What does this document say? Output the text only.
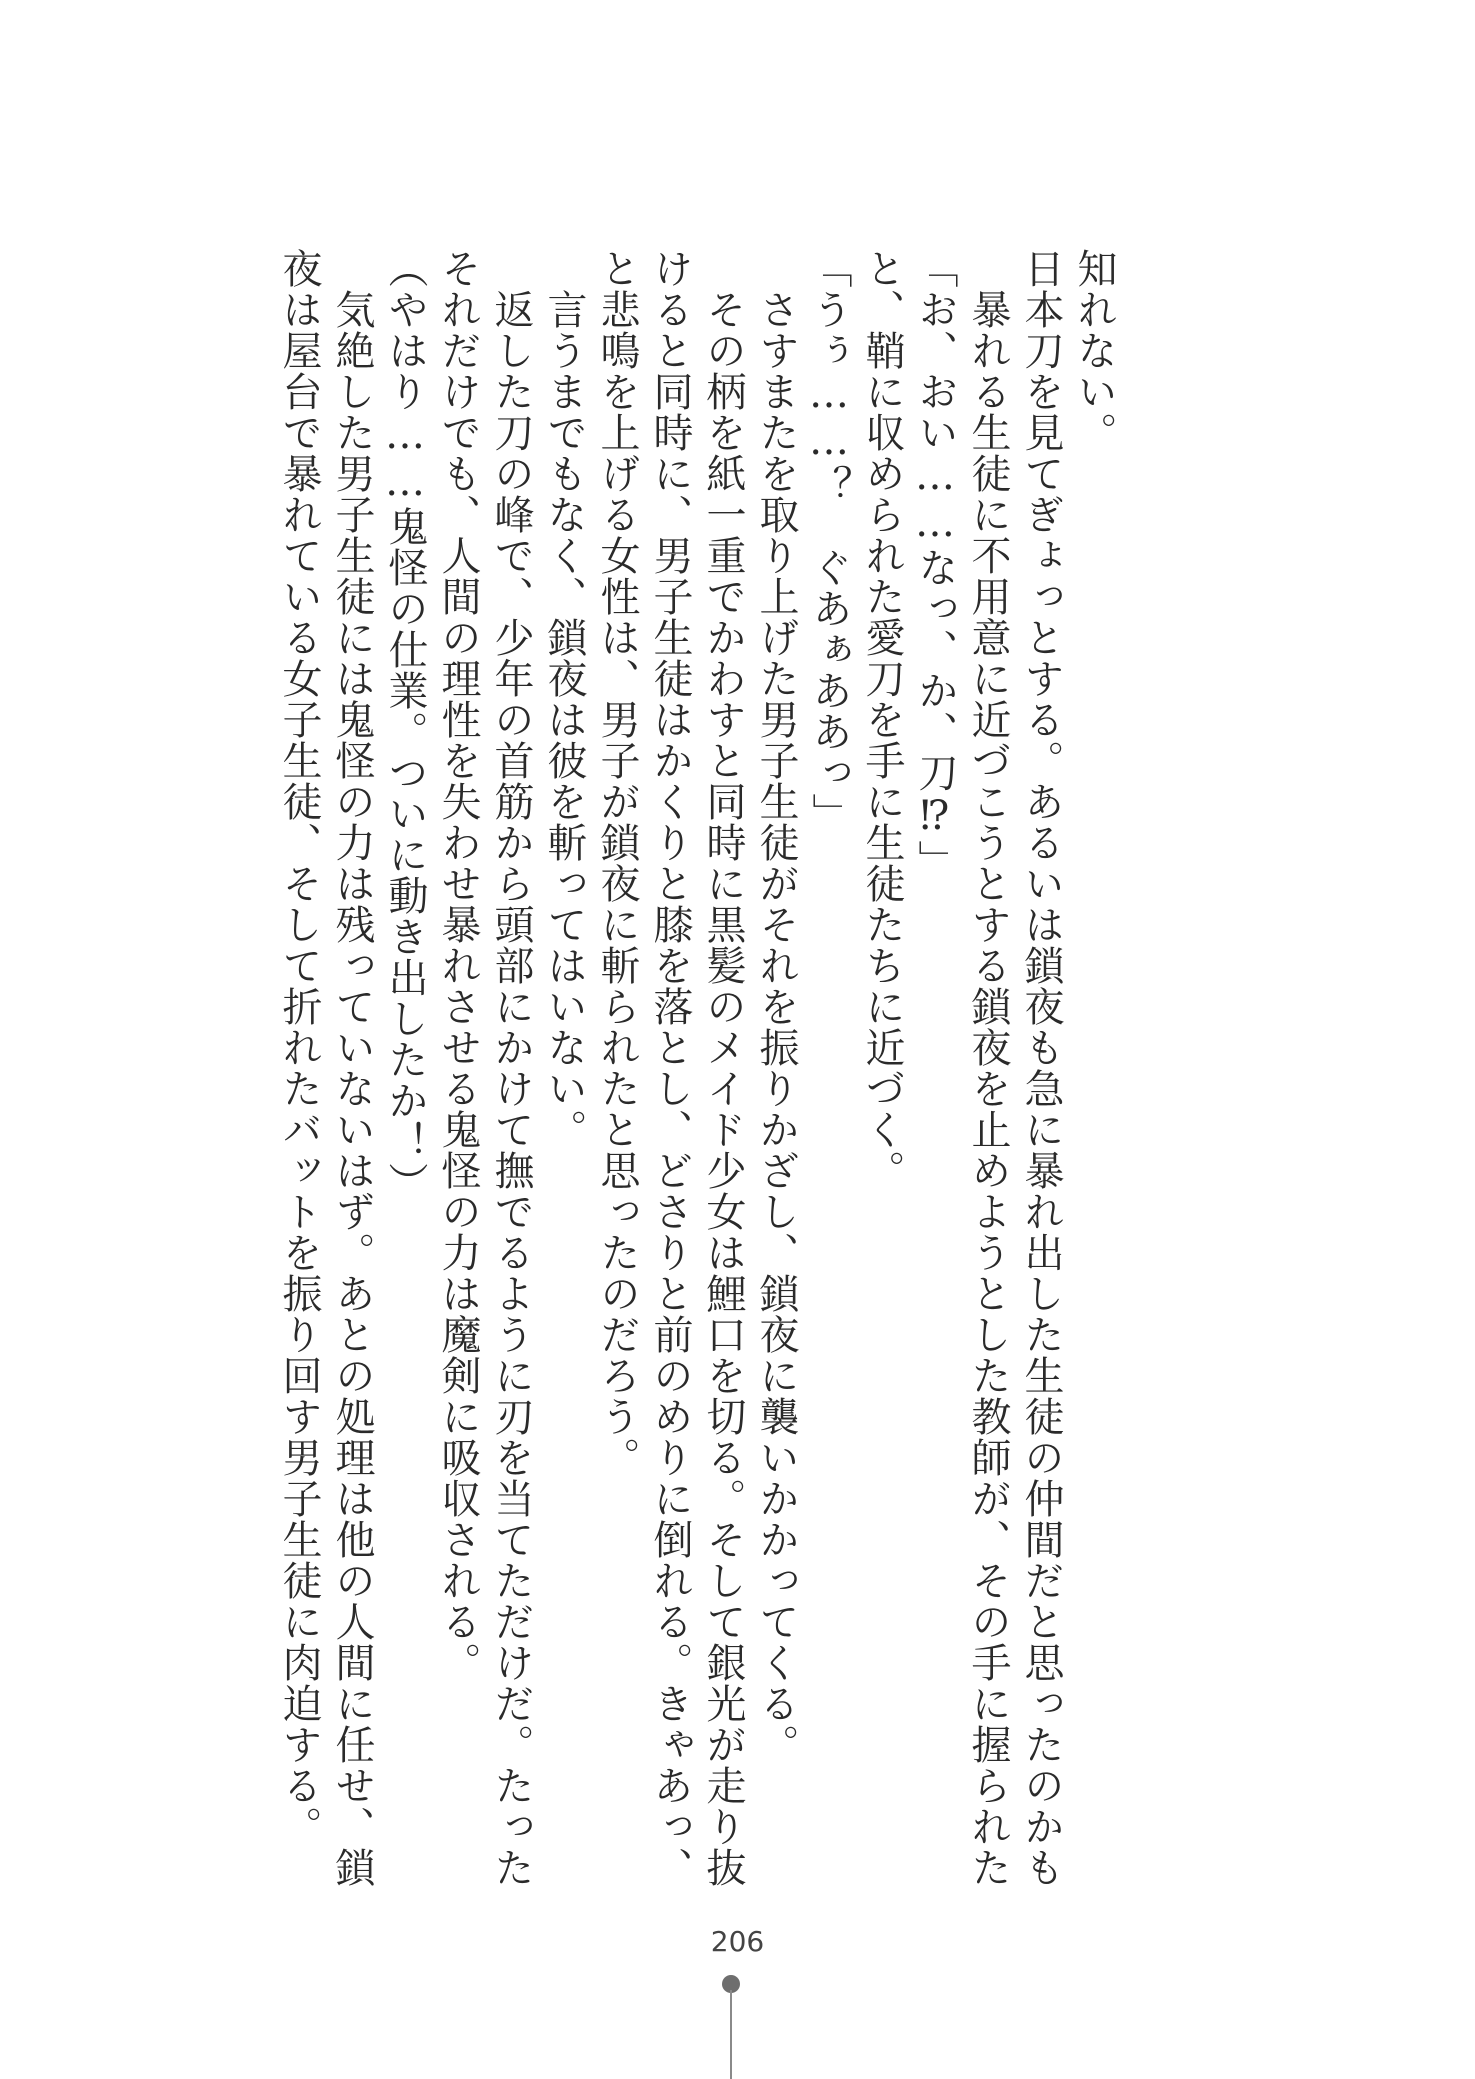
知れない。
日本刀を見てぎょっとする。あるいは鎖夜も急に暴れ出した生徒の仲間だと思ったのかも
　暴れる生徒に不用意に近づこうとする鎖夜を止めようとした教師が、その手に握られた
「お、おい……なっ、か、刀⁉」
と、鞘に収められた愛刀を手に生徒たちに近づく。
「うぅ……？　ぐあぁああっ」
　さすまたを取り上げた男子生徒がそれを振りかざし、鎖夜に襲いかかってくる。
　その柄を紙一重でかわすと同時に黒髪のメイド少女は鯉口を切る。そして銀光が走り抜
けると同時に、男子生徒はかくりと膝を落とし、どさりと前のめりに倒れる。きゃあっ、
と悲鳴を上げる女性は、男子が鎖夜に斬られたと思ったのだろう。
　言うまでもなく、鎖夜は彼を斬ってはいない。
　返した刀の峰で、少年の首筋から頭部にかけて撫でるように刃を当てただけだ。たった
それだけでも、人間の理性を失わせ暴れさせる鬼怪の力は魔剣に吸収される。
（やはり……鬼怪の仕業。ついに動き出したか！）
　気絶した男子生徒には鬼怪の力は残っていないはず。あとの処理は他の人間に任せ、鎖
夜は屋台で暴れている女子生徒、そして折れたバットを振り回す男子生徒に肉迫する。
206
